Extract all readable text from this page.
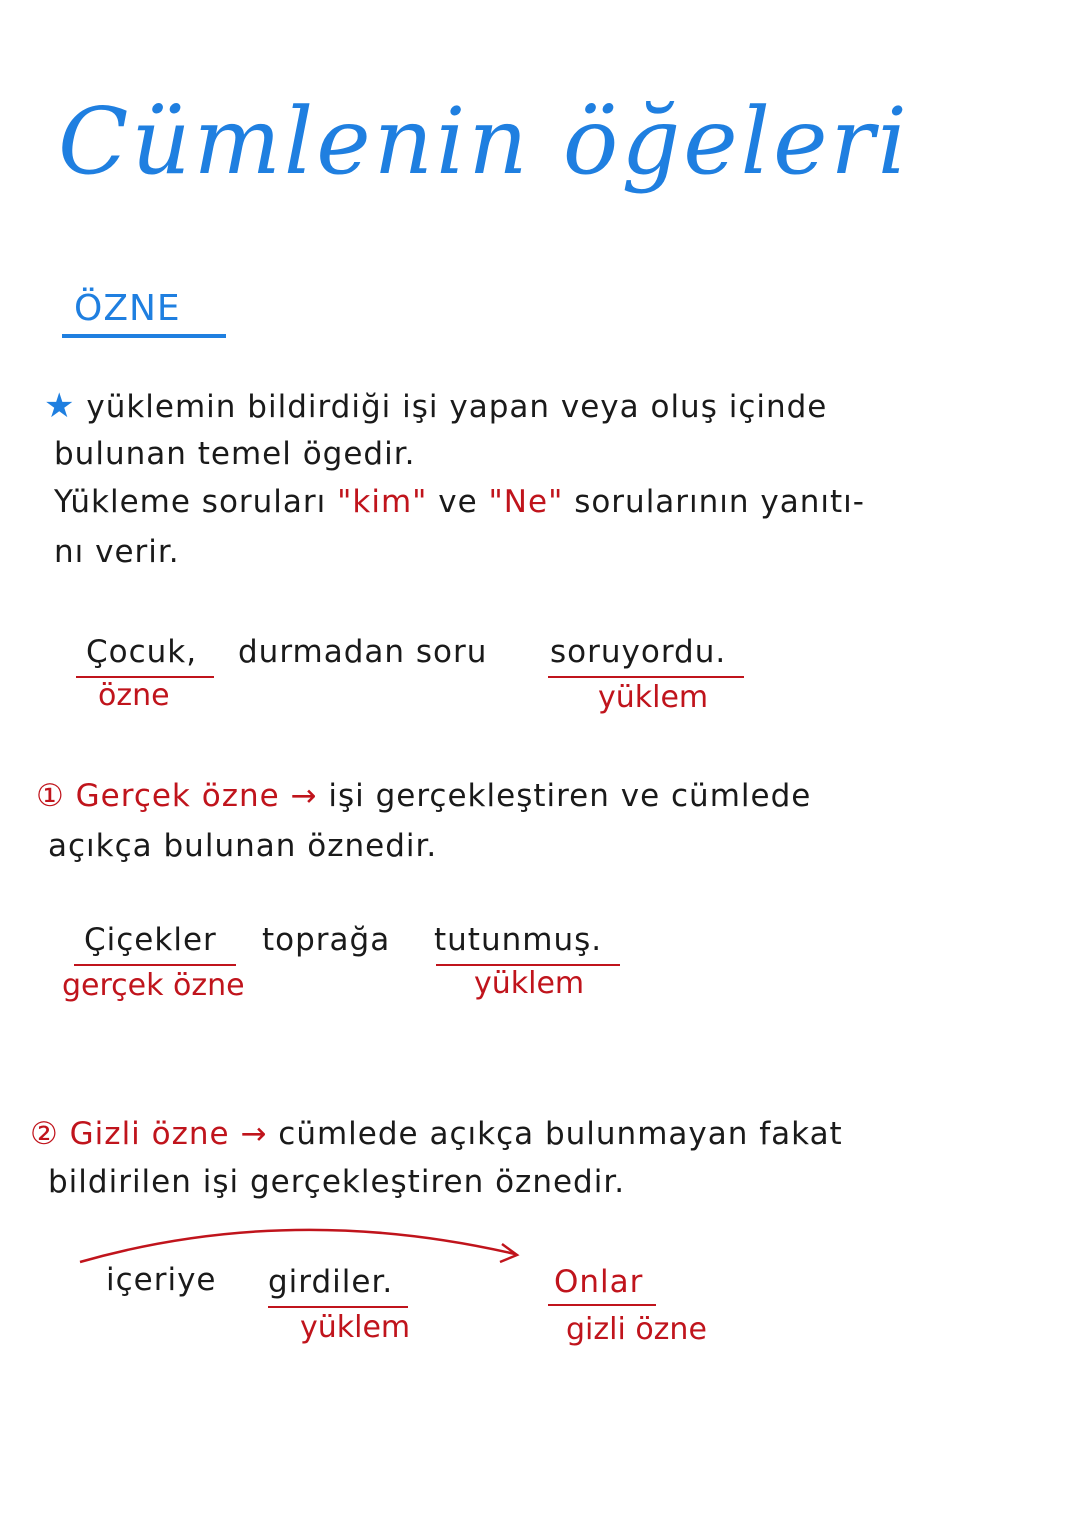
Cümlenin öğeleri
ÖZNE
★ yüklemin bildirdiği işi yapan veya oluş içinde
bulunan temel ögedir.
Yükleme soruları "kim" ve "Ne" sorularının yanıtı-
nı verir.
Çocuk, durmadan soru soruyordu.
özne	yüklem
① Gerçek özne → işi gerçekleştiren ve cümlede
açıkça bulunan öznedir.
Çiçekler toprağa tutunmuş.
gerçek özne	yüklem
② Gizli özne → cümlede açıkça bulunmayan fakat
bildirilen işi gerçekleştiren öznedir.
içeriye girdiler.
yüklem
Onlar
gizli özne
